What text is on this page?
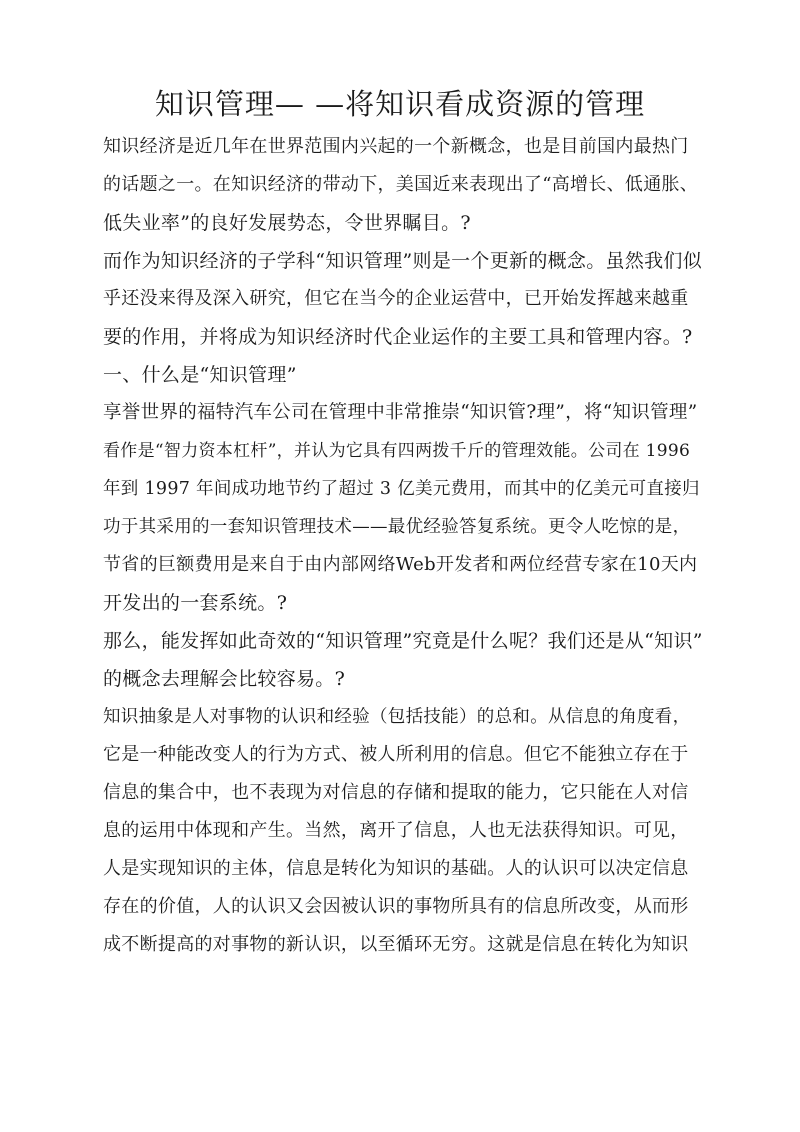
知识管理— —将知识看成资源的管理
知识经济是近几年在世界范围内兴起的一个新概念，也是目前国内最热门
的话题之一。在知识经济的带动下，美国近来表现出了“高增长、低通胀、
低失业率”的良好发展势态，令世界瞩目。?
而作为知识经济的子学科“知识管理”则是一个更新的概念。虽然我们似
乎还没来得及深入研究，但它在当今的企业运营中，已开始发挥越来越重
要的作用，并将成为知识经济时代企业运作的主要工具和管理内容。?
一、什么是“知识管理”
享誉世界的福特汽车公司在管理中非常推崇“知识管?理”，将“知识管理”
看作是“智力资本杠杆”，并认为它具有四两拨千斤的管理效能。公司在 1996
年到 1997 年间成功地节约了超过 3 亿美元费用，而其中的亿美元可直接归
功于其采用的一套知识管理技术——最优经验答复系统。更令人吃惊的是，
节省的巨额费用是来自于由内部网络Web开发者和两位经营专家在10天内
开发出的一套系统。?
那么，能发挥如此奇效的“知识管理”究竟是什么呢？我们还是从“知识”
的概念去理解会比较容易。?
知识抽象是人对事物的认识和经验（包括技能）的总和。从信息的角度看，
它是一种能改变人的行为方式、被人所利用的信息。但它不能独立存在于
信息的集合中，也不表现为对信息的存储和提取的能力，它只能在人对信
息的运用中体现和产生。当然，离开了信息，人也无法获得知识。可见，
人是实现知识的主体，信息是转化为知识的基础。人的认识可以决定信息
存在的价值，人的认识又会因被认识的事物所具有的信息所改变，从而形
成不断提高的对事物的新认识，以至循环无穷。这就是信息在转化为知识
